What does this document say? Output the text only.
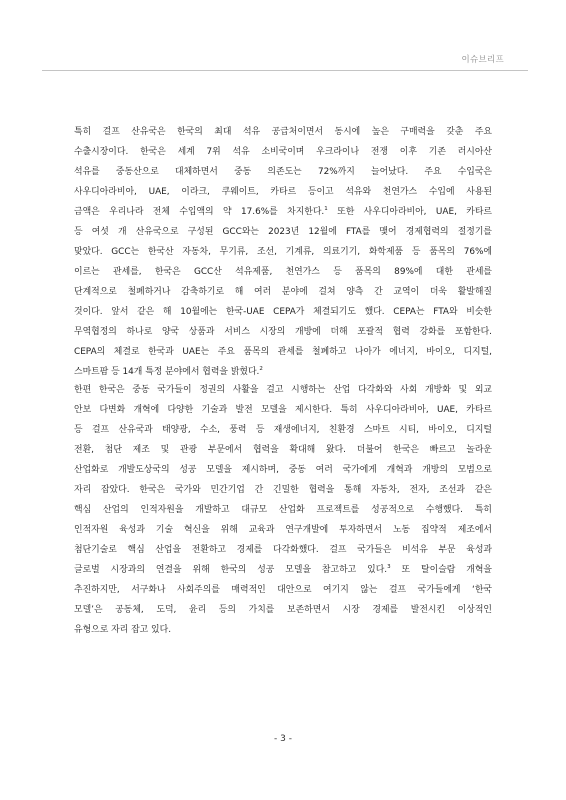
이슈브리프
특히 걸프 산유국은 한국의 최대 석유 공급처이면서 동시에 높은 구매력을 갖춘 주요
수출시장이다. 한국은 세계 7위 석유 소비국이며 우크라이나 전쟁 이후 기존 러시아산
석유를 중동산으로 대체하면서 중동 의존도는 72%까지 늘어났다. 주요 수입국은
사우디아라비아, UAE, 이라크, 쿠웨이트, 카타르 등이고 석유와 천연가스 수입에 사용된
금액은 우리나라 전체 수입액의 약 17.6%를 차지한다.$^1$ 또한 사우디아라비아, UAE, 카타르
등 여섯 개 산유국으로 구성된 GCC와는 2023년 12월에 FTA를 맺어 경제협력의 절정기를
맞았다. GCC는 한국산 자동차, 무기류, 조선, 기계류, 의료기기, 화학제품 등 품목의 76%에
이르는 관세를, 한국은 GCC산 석유제품, 천연가스 등 품목의 89%에 대한 관세를
단계적으로 철폐하거나 감축하기로 해 여러 분야에 걸쳐 양측 간 교역이 더욱 활발해질
것이다. 앞서 같은 해 10월에는 한국-UAE CEPA가 체결되기도 했다. CEPA는 FTA와 비슷한
무역협정의 하나로 양국 상품과 서비스 시장의 개방에 더해 포괄적 협력 강화를 포함한다.
CEPA의 체결로 한국과 UAE는 주요 품목의 관세를 철폐하고 나아가 에너지, 바이오, 디지털,
스마트팜 등 14개 특정 분야에서 협력을 밝혔다.$^2$
한편 한국은 중동 국가들이 정권의 사활을 걸고 시행하는 산업 다각화와 사회 개방화 및 외교
안보 다변화 개혁에 다양한 기술과 발전 모델을 제시한다. 특히 사우디아라비아, UAE, 카타르
등 걸프 산유국과 태양광, 수소, 풍력 등 재생에너지, 친환경 스마트 시티, 바이오, 디지털
전환, 첨단 제조 및 관광 부문에서 협력을 확대해 왔다. 더불어 한국은 빠르고 놀라운
산업화로 개발도상국의 성공 모델을 제시하며, 중동 여러 국가에게 개혁과 개방의 모범으로
자리 잡았다. 한국은 국가와 민간기업 간 긴밀한 협력을 통해 자동차, 전자, 조선과 같은
핵심 산업의 인적자원을 개발하고 대규모 산업화 프로젝트를 성공적으로 수행했다. 특히
인적자원 육성과 기술 혁신을 위해 교육과 연구개발에 투자하면서 노동 집약적 제조에서
첨단기술로 핵심 산업을 전환하고 경제를 다각화했다. 걸프 국가들은 비석유 부문 육성과
글로벌 시장과의 연결을 위해 한국의 성공 모델을 참고하고 있다.$^3$ 또 탈이슬람 개혁을
추진하지만, 서구화나 사회주의를 매력적인 대안으로 여기지 않는 걸프 국가들에게 ‘한국
모델’은 공동체, 도덕, 윤리 등의 가치를 보존하면서 시장 경제를 발전시킨 이상적인
유형으로 자리 잡고 있다.
- 3 -
